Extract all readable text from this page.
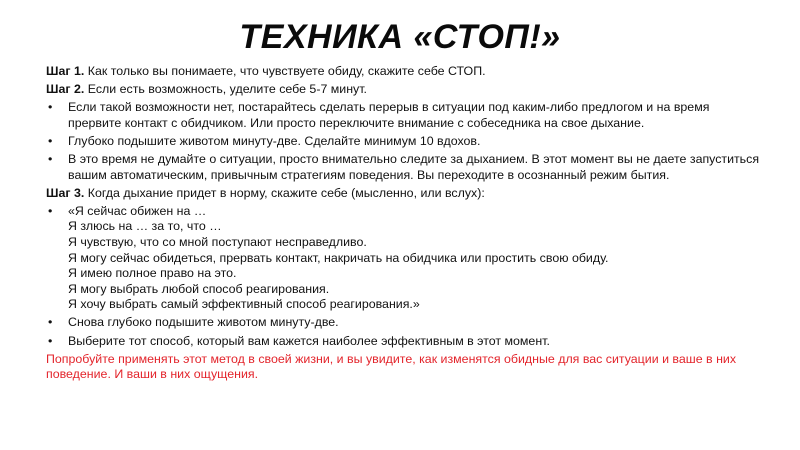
ТЕХНИКА «СТОП!»
Шаг 1. Как только вы понимаете, что чувствуете обиду, скажите себе СТОП.
Шаг 2. Если есть возможность, уделите себе 5-7 минут.
• Если такой возможности нет, постарайтесь сделать перерыв в ситуации под каким-либо предлогом и на время прервите контакт с обидчиком. Или просто переключите внимание с собеседника на свое дыхание.
• Глубоко подышите животом минуту-две. Сделайте минимум 10 вдохов.
• В это время не думайте о ситуации, просто внимательно следите за дыханием. В этот момент вы не даете запуститься вашим автоматическим, привычным стратегиям поведения. Вы переходите в осознанный режим бытия.
Шаг 3. Когда дыхание придет в норму, скажите себе (мысленно, или вслух):
• «Я сейчас обижен на …
Я злюсь на … за то, что …
Я чувствую, что со мной поступают несправедливо.
Я могу сейчас обидеться, прервать контакт, накричать на обидчика или простить свою обиду.
Я имею полное право на это.
Я могу выбрать любой способ реагирования.
Я хочу выбрать самый эффективный способ реагирования.»
• Снова глубоко подышите животом минуту-две.
• Выберите тот способ, который вам кажется наиболее эффективным в этот момент.
Попробуйте применять этот метод в своей жизни, и вы увидите, как изменятся обидные для вас ситуации и ваше в них поведение. И ваши в них ощущения.
